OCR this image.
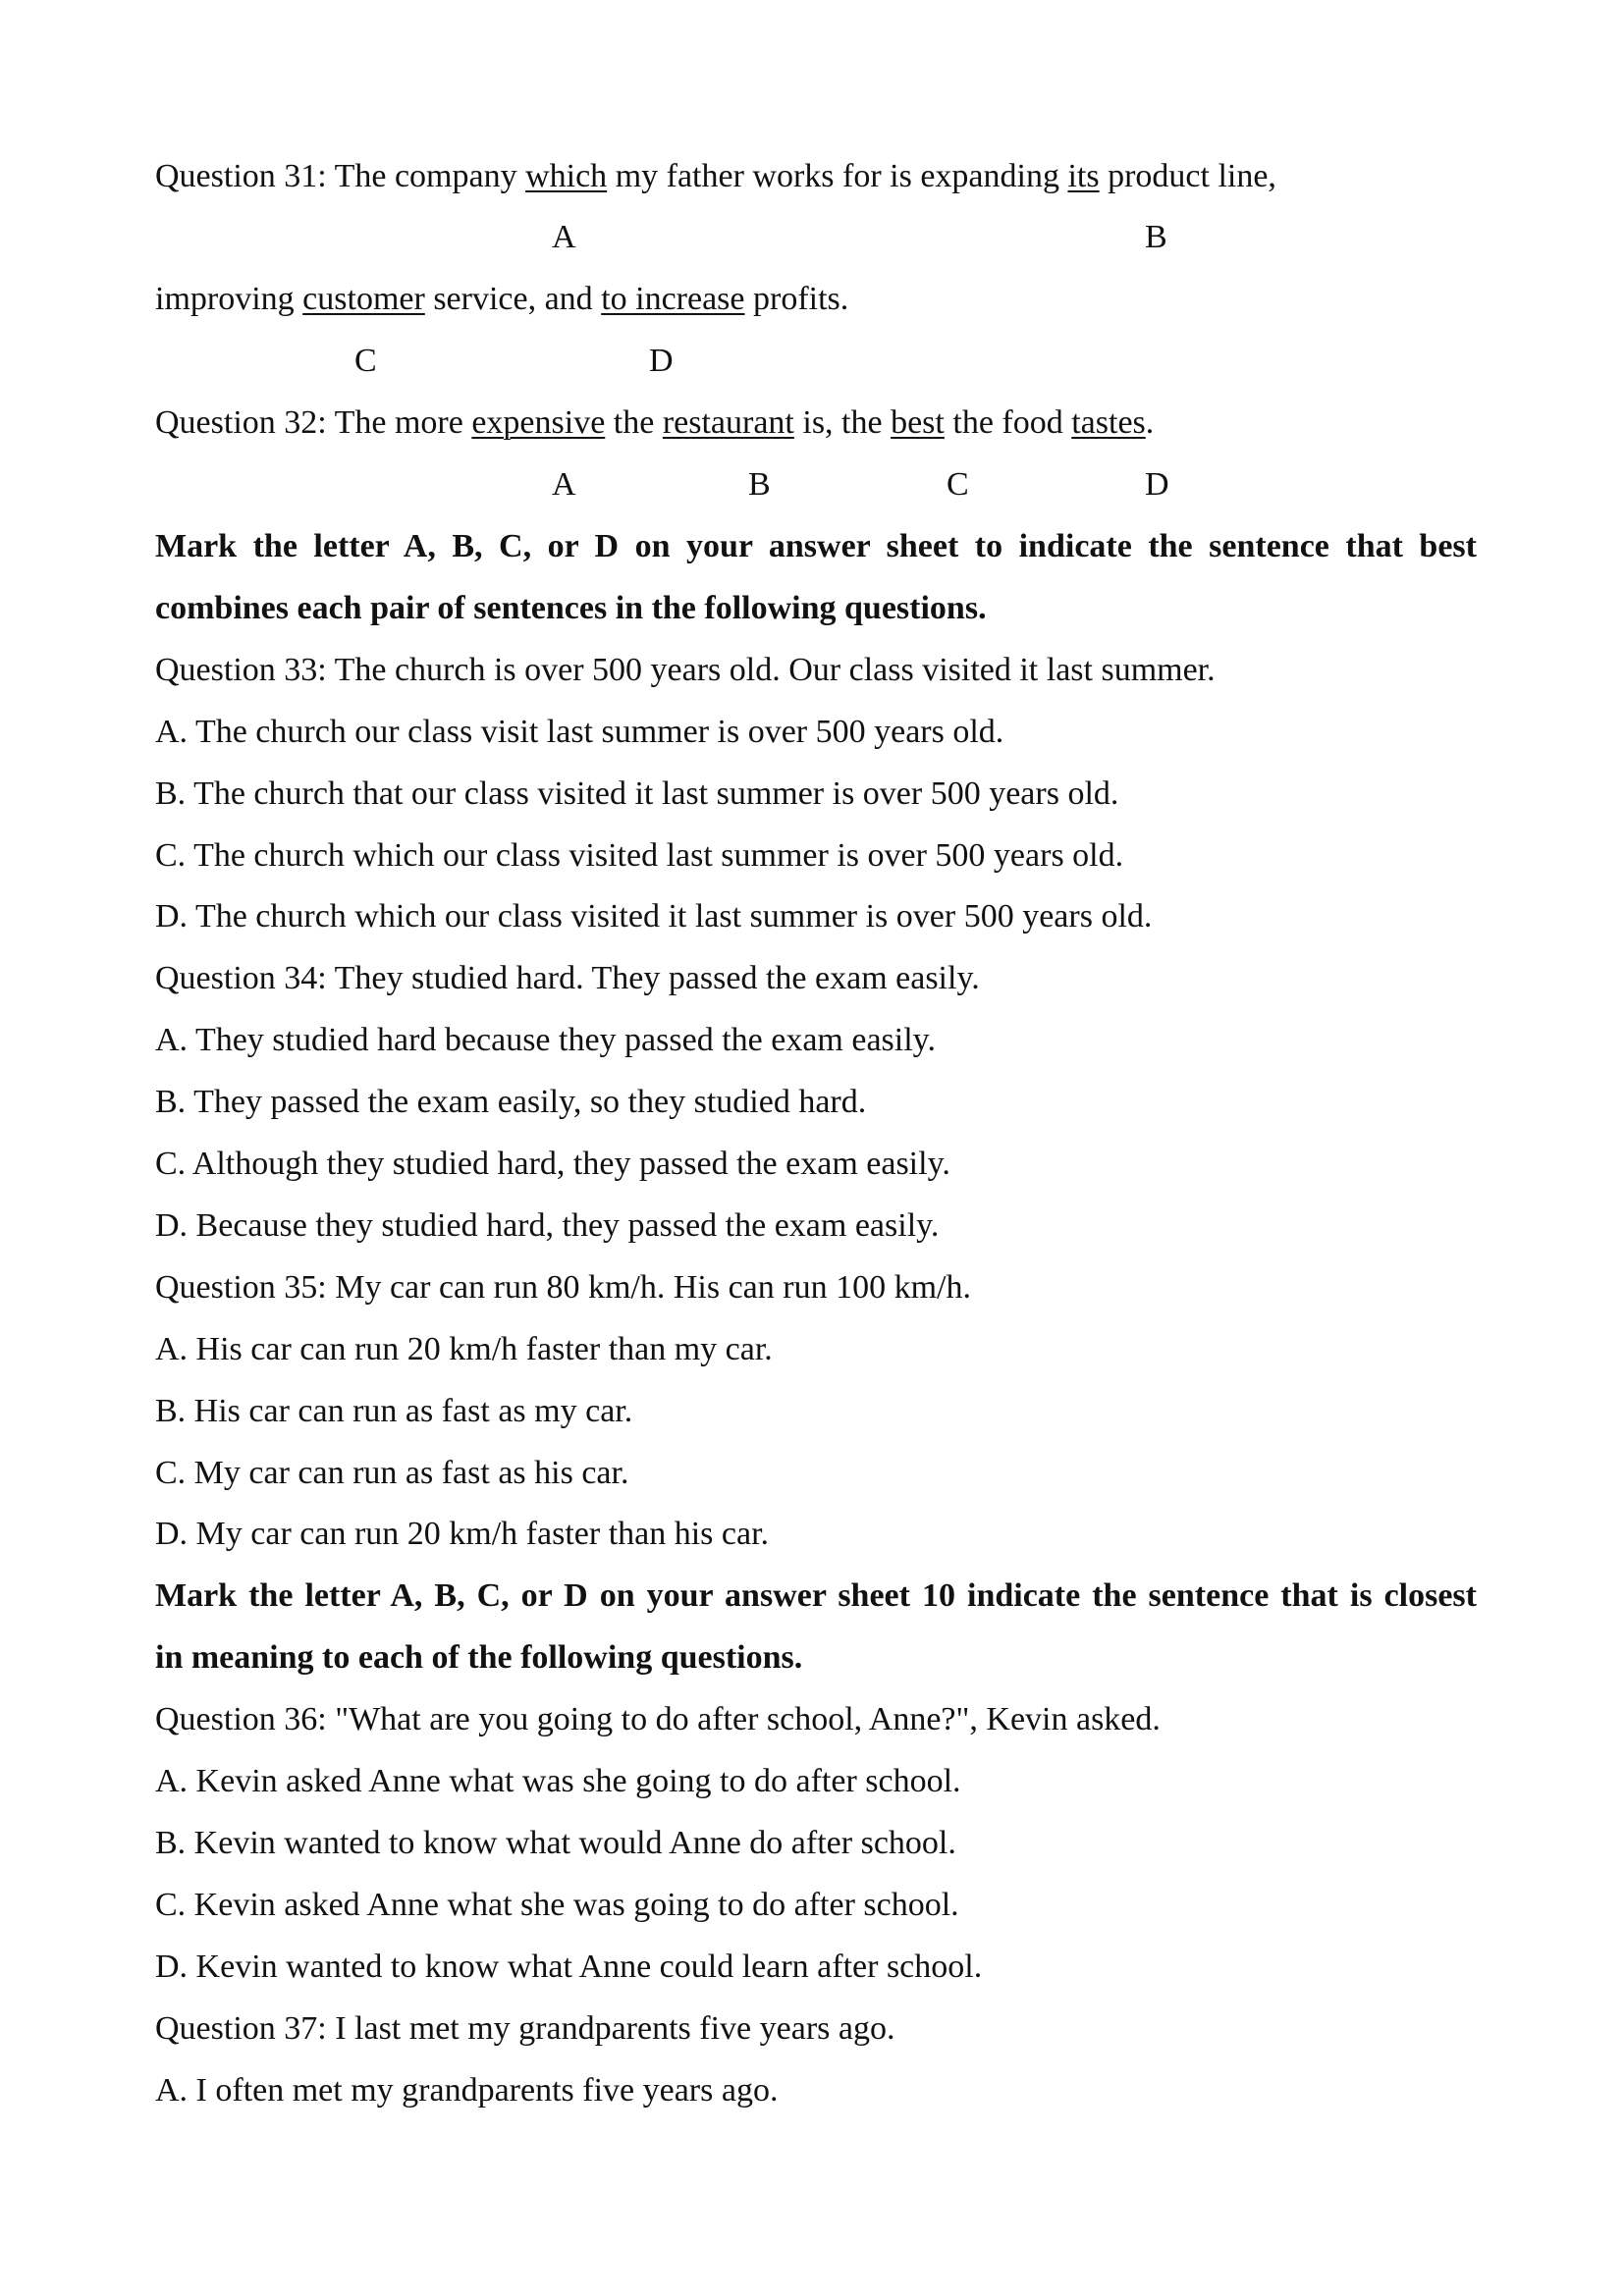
Question 31: The company which my father works for is expanding its product line,
A	B
improving customer service, and to increase profits.
C	D
Question 32: The more expensive the restaurant is, the best the food tastes.
A	B	C	D
Mark the letter A, B, C, or D on your answer sheet to indicate the sentence that best
combines each pair of sentences in the following questions.
Question 33: The church is over 500 years old. Our class visited it last summer.
A. The church our class visit last summer is over 500 years old.
B. The church that our class visited it last summer is over 500 years old.
C. The church which our class visited last summer is over 500 years old.
D. The church which our class visited it last summer is over 500 years old.
Question 34: They studied hard. They passed the exam easily.
A. They studied hard because they passed the exam easily.
B. They passed the exam easily, so they studied hard.
C. Although they studied hard, they passed the exam easily.
D. Because they studied hard, they passed the exam easily.
Question 35: My car can run 80 km/h. His can run 100 km/h.
A. His car can run 20 km/h faster than my car.
B. His car can run as fast as my car.
C. My car can run as fast as his car.
D. My car can run 20 km/h faster than his car.
Mark the letter A, B, C, or D on your answer sheet 10 indicate the sentence that is closest
in meaning to each of the following questions.
Question 36: "What are you going to do after school, Anne?", Kevin asked.
A. Kevin asked Anne what was she going to do after school.
B. Kevin wanted to know what would Anne do after school.
C. Kevin asked Anne what she was going to do after school.
D. Kevin wanted to know what Anne could learn after school.
Question 37: I last met my grandparents five years ago.
A. I often met my grandparents five years ago.
